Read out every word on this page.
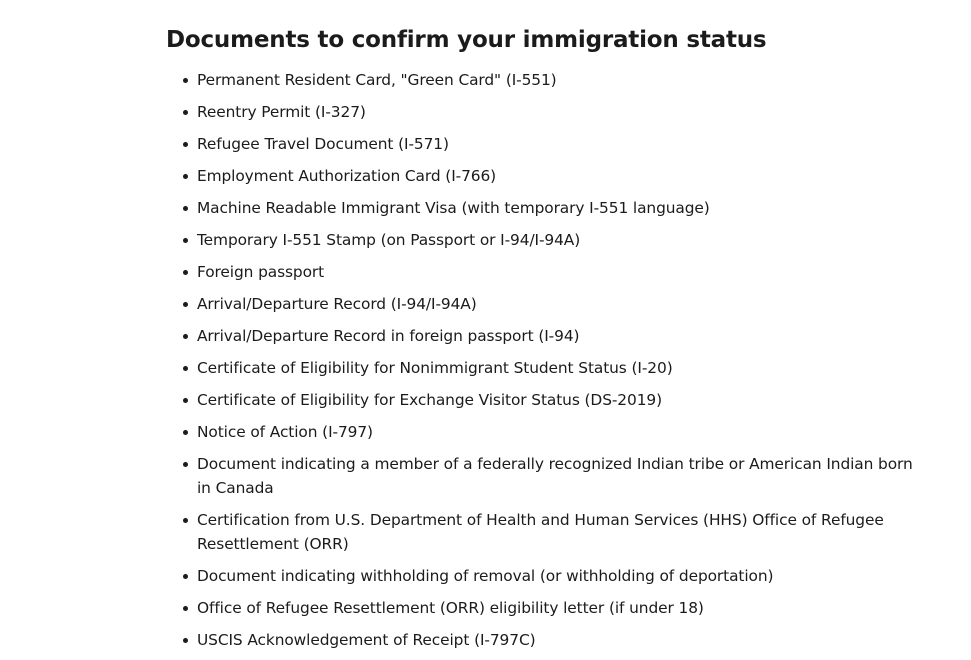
Documents to confirm your immigration status
Permanent Resident Card, "Green Card" (I-551)
Reentry Permit (I-327)
Refugee Travel Document (I-571)
Employment Authorization Card (I-766)
Machine Readable Immigrant Visa (with temporary I-551 language)
Temporary I-551 Stamp (on Passport or I-94/I-94A)
Foreign passport
Arrival/Departure Record (I-94/I-94A)
Arrival/Departure Record in foreign passport (I-94)
Certificate of Eligibility for Nonimmigrant Student Status (I-20)
Certificate of Eligibility for Exchange Visitor Status (DS-2019)
Notice of Action (I-797)
Document indicating a member of a federally recognized Indian tribe or American Indian born in Canada
Certification from U.S. Department of Health and Human Services (HHS) Office of Refugee Resettlement (ORR)
Document indicating withholding of removal (or withholding of deportation)
Office of Refugee Resettlement (ORR) eligibility letter (if under 18)
USCIS Acknowledgement of Receipt (I-797C)
